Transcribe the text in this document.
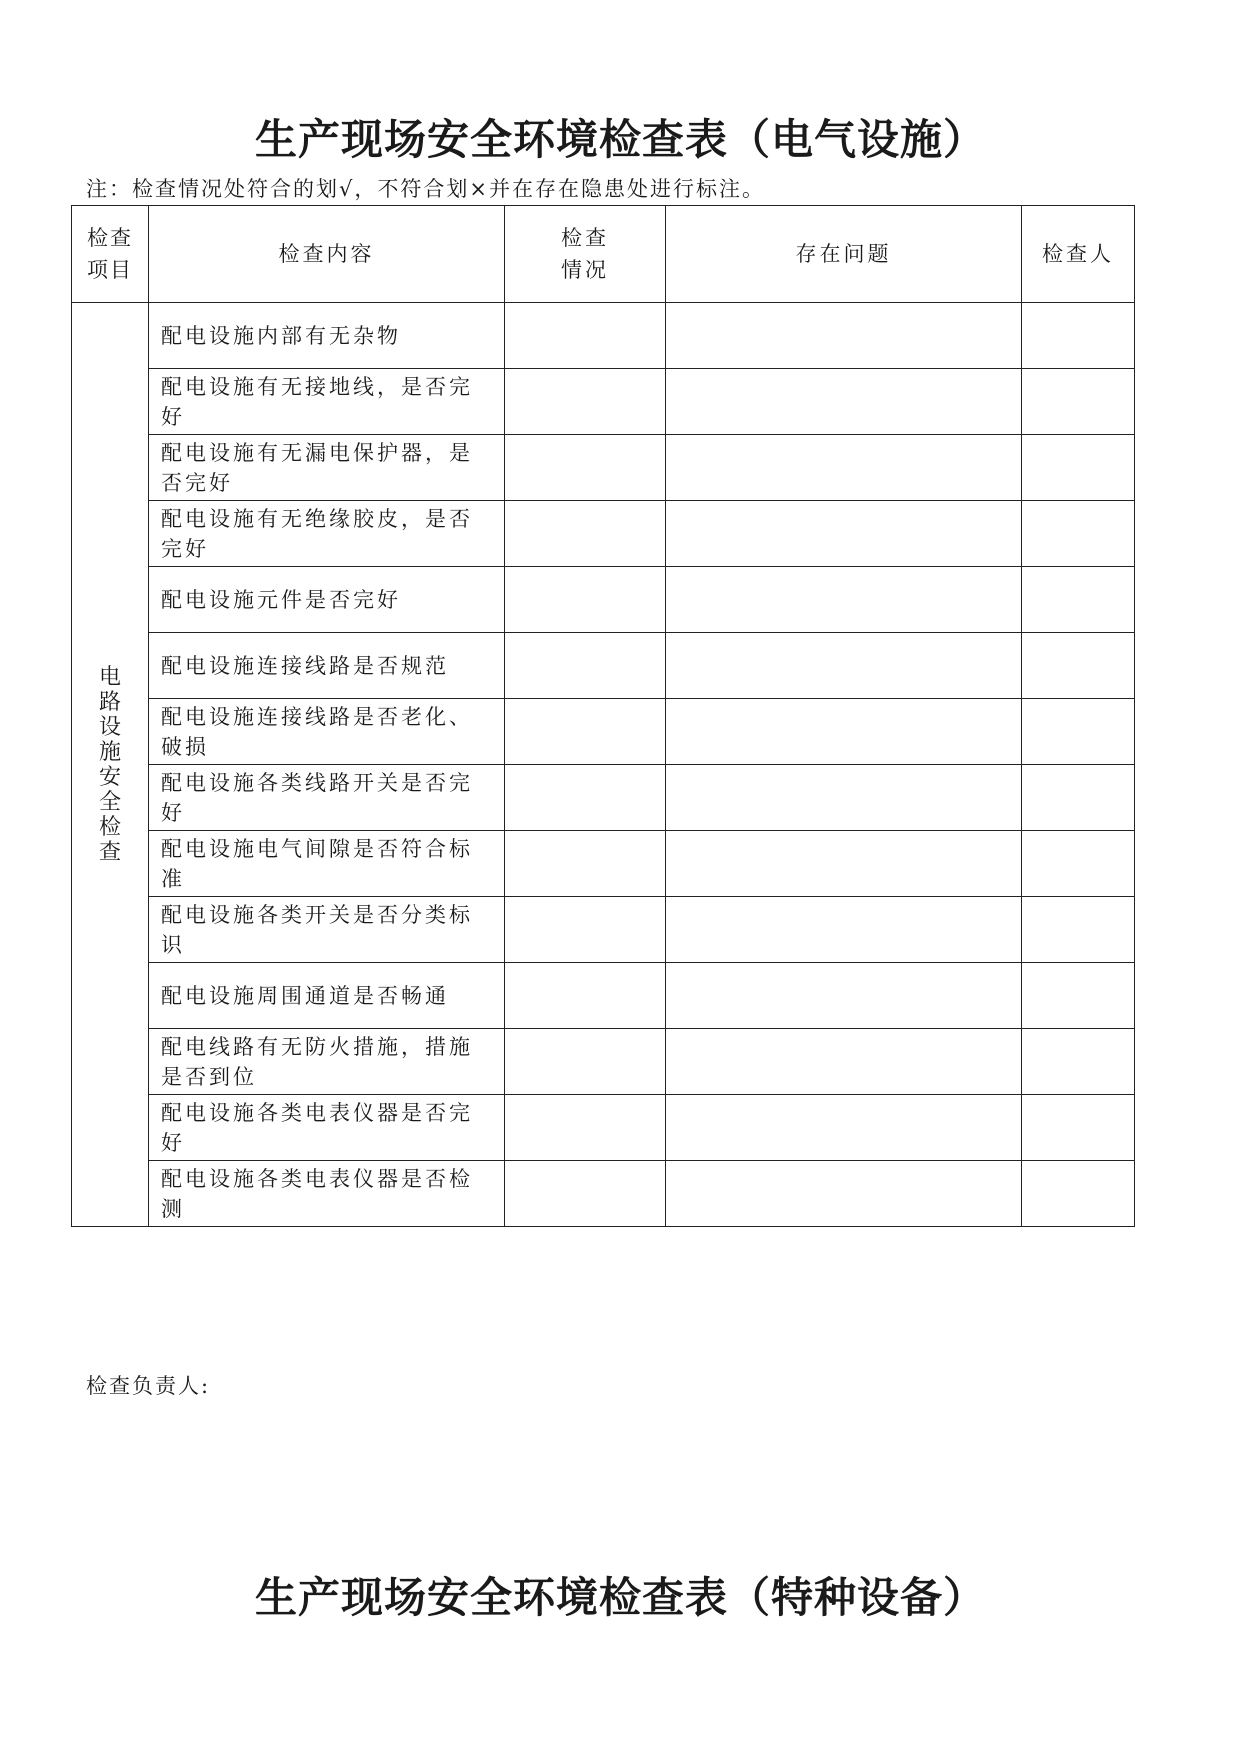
生产现场安全环境检查表（电气设施）
注：检查情况处符合的划√，不符合划×并在存在隐患处进行标注。
检查项目	检查内容	检查情况	存在问题	检查人
电路设施安全检查	配电设施内部有无杂物			
	配电设施有无接地线，是否完好			
	配电设施有无漏电保护器，是否完好			
	配电设施有无绝缘胶皮，是否完好			
	配电设施元件是否完好			
	配电设施连接线路是否规范			
	配电设施连接线路是否老化、破损			
	配电设施各类线路开关是否完好			
	配电设施电气间隙是否符合标准			
	配电设施各类开关是否分类标识			
	配电设施周围通道是否畅通			
	配电线路有无防火措施，措施是否到位			
	配电设施各类电表仪器是否完好			
	配电设施各类电表仪器是否检测			
检查负责人:
生产现场安全环境检查表（特种设备）
